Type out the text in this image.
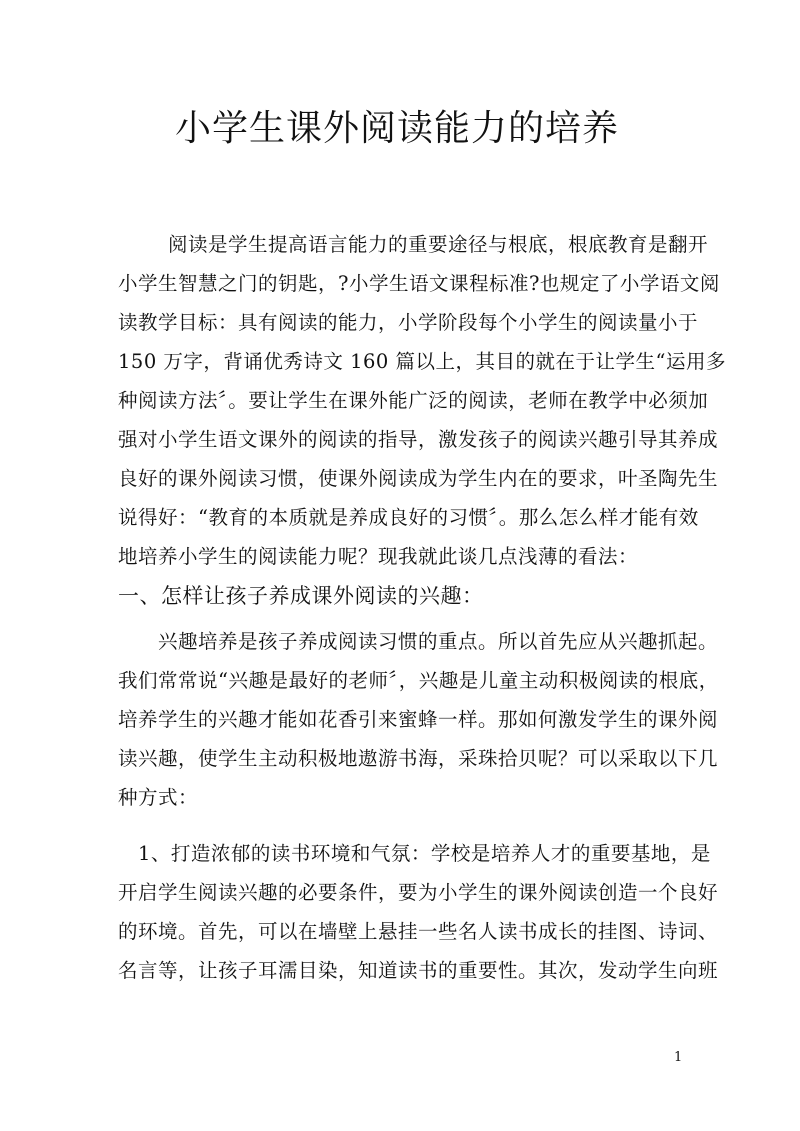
小学生课外阅读能力的培养
阅读是学生提高语言能力的重要途径与根底，根底教育是翻开
小学生智慧之门的钥匙，?小学生语文课程标准?也规定了小学语文阅
读教学目标：具有阅读的能力，小学阶段每个小学生的阅读量小于
150 万字，背诵优秀诗文 160 篇以上，其目的就在于让学生“运用多
种阅读方法〞。要让学生在课外能广泛的阅读，老师在教学中必须加
强对小学生语文课外的阅读的指导，激发孩子的阅读兴趣引导其养成
良好的课外阅读习惯，使课外阅读成为学生内在的要求，叶圣陶先生
说得好：“教育的本质就是养成良好的习惯〞。那么怎么样才能有效
地培养小学生的阅读能力呢？现我就此谈几点浅薄的看法：
一、怎样让孩子养成课外阅读的兴趣：
兴趣培养是孩子养成阅读习惯的重点。所以首先应从兴趣抓起。
我们常常说“兴趣是最好的老师〞，兴趣是儿童主动积极阅读的根底，
培养学生的兴趣才能如花香引来蜜蜂一样。那如何激发学生的课外阅
读兴趣，使学生主动积极地遨游书海，采珠拾贝呢？可以采取以下几
种方式：
1、打造浓郁的读书环境和气氛：学校是培养人才的重要基地，是
开启学生阅读兴趣的必要条件，要为小学生的课外阅读创造一个良好
的环境。首先，可以在墙壁上悬挂一些名人读书成长的挂图、诗词、
名言等，让孩子耳濡目染，知道读书的重要性。其次，发动学生向班
1
